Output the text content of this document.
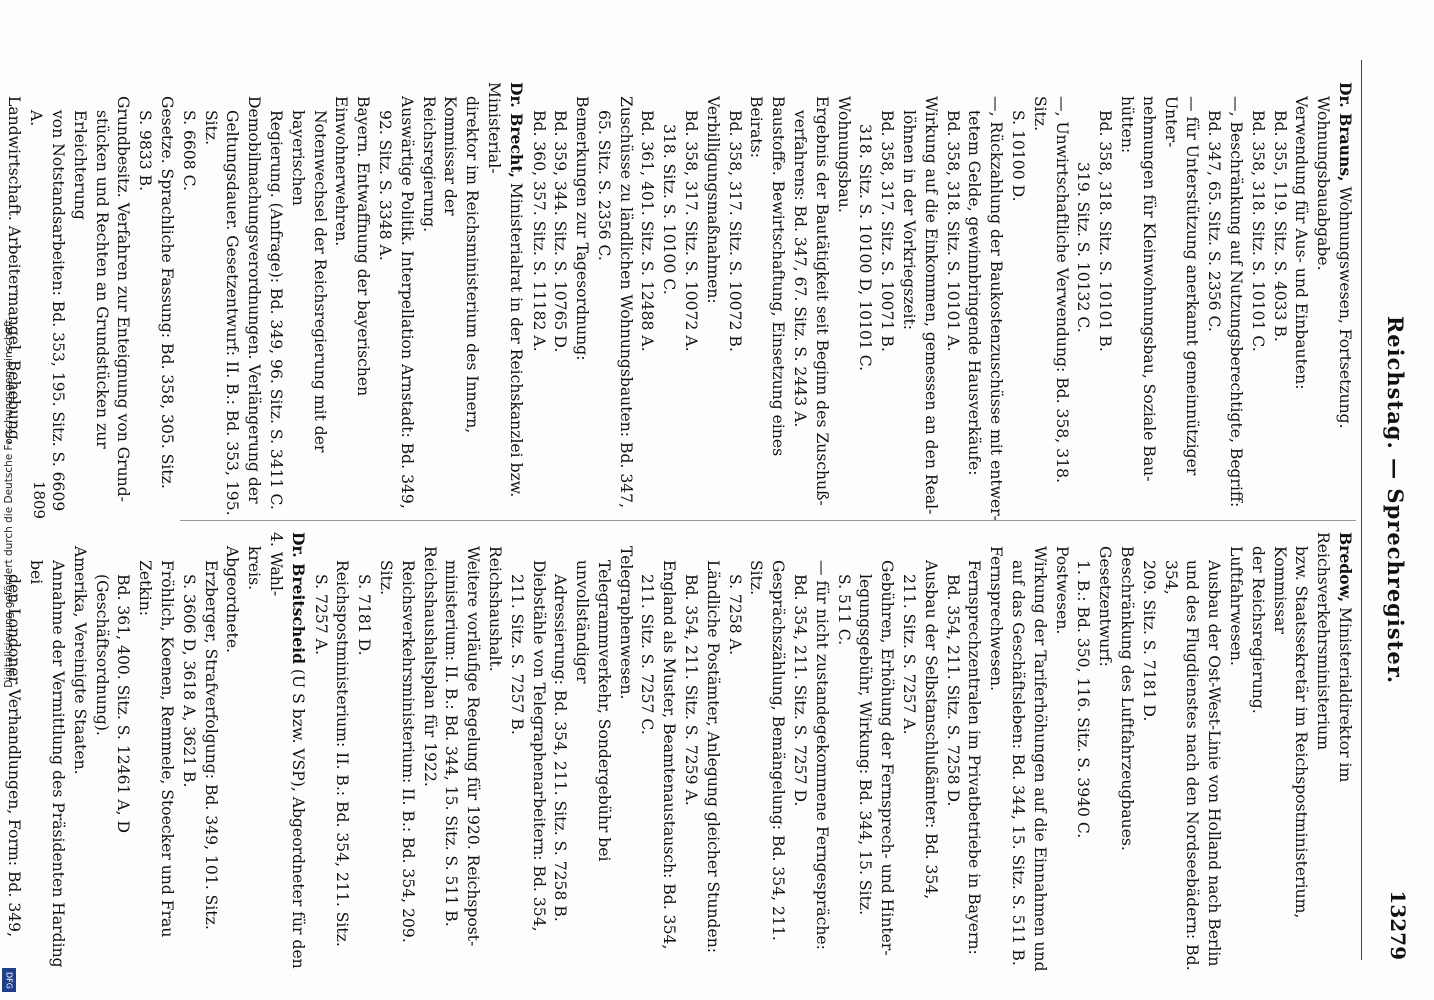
Digitalisierung gefördert durch die Deutsche Forschungsgemeinschaft -
DFG
Reichstag. — Sprechregister.
13279

Dr. Brauns, Wohnungswesen, Fortsetzung.

Wohnungsbauabgabe.

Verwendung für Aus- und Einbauten:

Bd. 355, 119. Sitz. S. 4033 B.

Bd. 358, 318. Sitz. S. 10101 C.

—, Beschränkung auf Nutzungsberechtigte, Begriff:

Bd. 347, 65. Sitz. S. 2356 C.

— für Unterstützung anerkannt gemeinnütziger Unter-

nehmungen für Kleinwohnungsbau, Soziale Bau-

hütten:

Bd. 358, 318. Sitz. S. 10101 B.

319. Sitz. S. 10132 C.

—, Unwirtschaftliche Verwendung: Bd. 358, 318. Sitz.

S. 10100 D.

—, Rückzahlung der Baukostenzuschüsse mit entwer-

tetem Gelde, gewinnbringende Hausverkäufe:

Bd. 358, 318. Sitz. S. 10101 A.

Wirkung auf die Einkommen, gemessen an den Real-

löhnen in der Vorkriegszeit:

Bd. 358, 317. Sitz. S. 10071 B.

318. Sitz. S. 10100 D, 10101 C.

Wohnungsbau.

Ergebnis der Bautätigkeit seit Beginn des Zuschuß-

verfahrens: Bd. 347, 67. Sitz. S. 2443 A.

Baustoffe. Bewirtschaftung, Einsetzung eines Beirats:

Bd. 358, 317. Sitz. S. 10072 B.

Verbilligungsmaßnahmen:

Bd. 358, 317. Sitz. S. 10072 A.

318. Sitz. S. 10100 C.

Bd. 361, 401. Sitz. S. 12488 A.

Zuschüsse zu ländlichen Wohnungsbauten: Bd. 347,

65. Sitz. S. 2356 C.

Bemerkungen zur Tagesordnung:

Bd. 359, 344. Sitz. S. 10765 D.

Bd. 360, 357. Sitz. S. 11182 A.

Dr. Brecht, Ministerialrat in der Reichskanzlei bzw. Ministerial-

direktor im Reichsministerium des Innern, Kommissar der

Reichsregierung.

Auswärtige Politik. Interpellation Arnstadt: Bd. 349,

92. Sitz. S. 3348 A.

Bayern. Entwaffnung der bayerischen Einwohnerwehren.

Notenwechsel der Reichsregierung mit der bayerischen

Regierung. (Anfrage): Bd. 349, 96. Sitz. S. 3411 C.

Demobilmachungsverordnungen. Verlängerung der

Geltungsdauer. Gesetzentwurf: II. B.: Bd. 353, 195. Sitz.

S. 6608 C.

Gesetze. Sprachliche Fassung: Bd. 358, 305. Sitz.

S. 9833 B.

Grundbesitz. Verfahren zur Enteignung von Grund-

stücken und Rechten an Grundstücken zur Erleichterung

von Notstandsarbeiten: Bd. 353, 195. Sitz. S. 6609 A.

Landwirtschaft. Arbeitermangel, Behebung,

Bredow, Ministerialdirektor im Reichsverkehrsministerium

bzw. Staatssekretär im Reichspostministerium, Kommissar

der Reichsregierung.

Luftfahrwesen.

Ausbau der Ost-West-Linie von Holland nach Berlin

und des Flugdienstes nach den Nordseebädern: Bd. 354,

209. Sitz. S. 7181 D.

Beschränkung des Luftfahrzeugbaues. Gesetzentwurf:

1. B.: Bd. 350, 116. Sitz. S. 3940 C.

Postwesen.

Wirkung der Tariferhöhungen auf die Einnahmen und

auf das Geschäftsleben: Bd. 344, 15. Sitz. S. 511 B.

Fernsprechwesen.

Fernsprechzentralen im Privatbetriebe in Bayern:

Bd. 354, 211. Sitz. S. 7258 D.

Ausbau der Selbstanschlußämter: Bd. 354,

211. Sitz. S. 7257 A.

Gebühren, Erhöhung der Fernsprech- und Hinter-

legungsgebühr, Wirkung: Bd. 344, 15. Sitz.

S. 511 C.

— für nicht zustandegekommene Ferngespräche:

Bd. 354, 211. Sitz. S. 7257 D.

Gesprächszählung, Bemängelung: Bd. 354, 211. Sitz.

S. 7258 A.

Ländliche Postämter, Anlegung gleicher Stunden:

Bd. 354, 211. Sitz. S. 7259 A.

England als Muster, Beamtenaustausch: Bd. 354,

211. Sitz. S. 7257 C.

Telegraphenwesen.

Telegrammverkehr, Sondergebühr bei unvollständiger

Adressierung: Bd. 354, 211. Sitz. S. 7258 B.

Diebstähle von Telegraphenarbeitern: Bd. 354,

211. Sitz. S. 7257 B.

Reichshaushalt.

Weitere vorläufige Regelung für 1920. Reichspost-

ministerium: II. B.: Bd. 344, 15. Sitz. S. 511 B.

Reichshaushaltsplan für 1922.

Reichsverkehrsministerium: II. B.: Bd. 354, 209. Sitz.

S. 7181 D.

Reichspostministerium: II. B.: Bd. 354, 211. Sitz.

S. 7257 A.

Dr. Breitscheid (U S bzw. VSP), Abgeordneter für den 4. Wahl-

kreis.

Abgeordnete.

Erzberger, Strafverfolgung: Bd. 349, 101. Sitz.

S. 3606 D, 3618 A, 3621 B.

Fröhlich, Koenen, Remmele, Stoecker und Frau Zetkin:

Bd. 361, 400. Sitz. S. 12461 A, D (Geschäftsordnung).

Amerika, Vereinigte Staaten.

Annahme der Vermittlung des Präsidenten Harding bei

den Londoner Verhandlungen, Form: Bd. 349,

1809
